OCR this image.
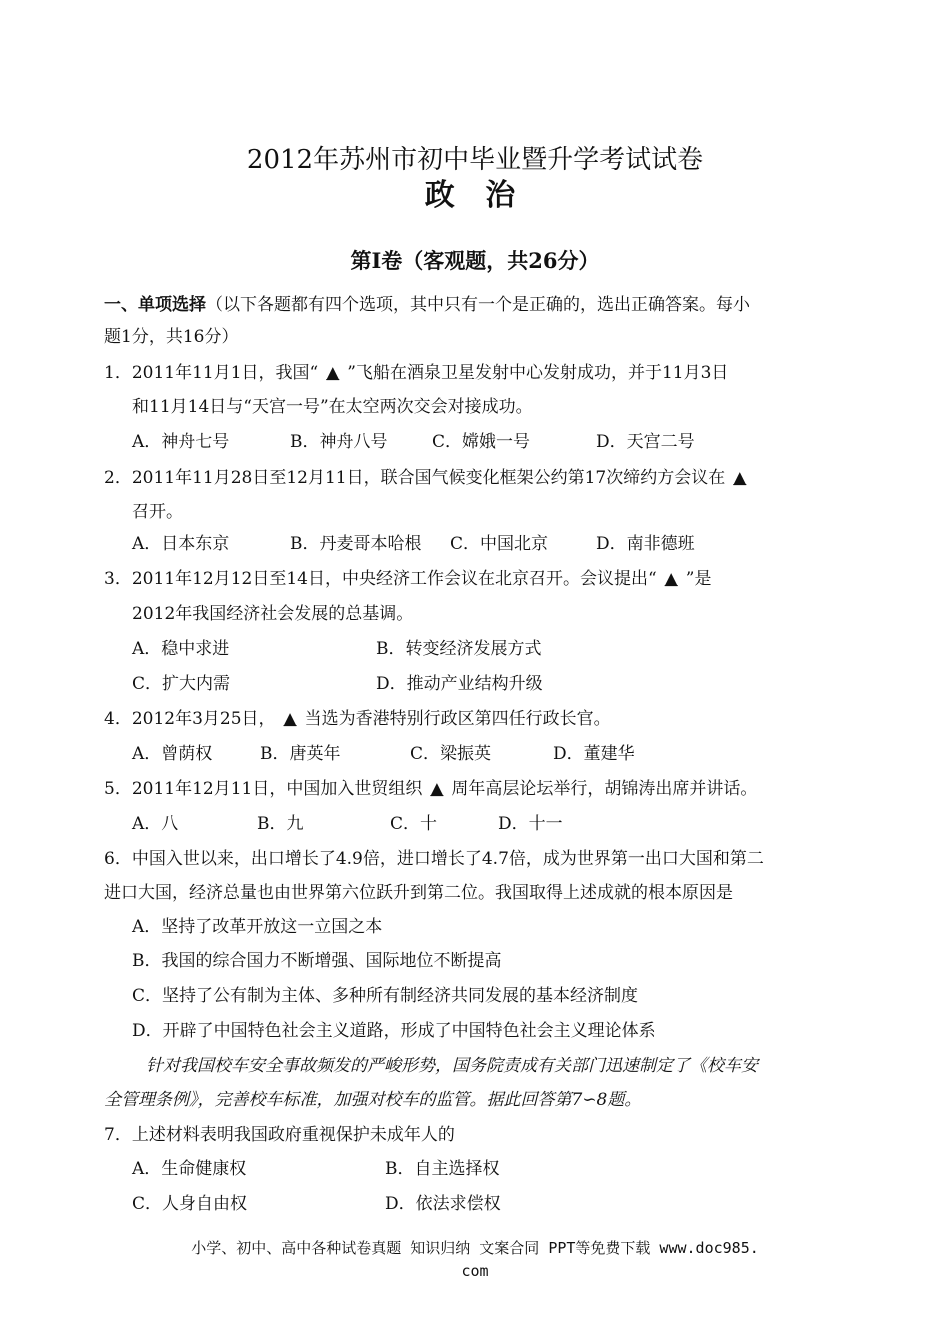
2012年苏州市初中毕业暨升学考试试卷
政 治
第I卷（客观题，共26分）
一、单项选择（以下各题都有四个选项，其中只有一个是正确的，选出正确答案。每小
题1分，共16分）
1．2011年11月1日，我国“ ▲ ”飞船在酒泉卫星发射中心发射成功，并于11月3日
和11月14日与“天宫一号”在太空两次交会对接成功。
A．神舟七号	B．神舟八号	C．嫦娥一号	D．天宫二号
2．2011年11月28日至12月11日，联合国气候变化框架公约第17次缔约方会议在 ▲
召开。
A．日本东京	B．丹麦哥本哈根 C．中国北京	D．南非德班
3．2011年12月12日至14日，中央经济工作会议在北京召开。会议提出“ ▲ ”是
2012年我国经济社会发展的总基调。
A．稳中求进	B．转变经济发展方式
C．扩大内需	D．推动产业结构升级
4．2012年3月25日， ▲ 当选为香港特别行政区第四任行政长官。
A．曾荫权	B．唐英年	C．梁振英	D．董建华
5．2011年12月11日，中国加入世贸组织 ▲ 周年高层论坛举行，胡锦涛出席并讲话。
A．八	B．九	C．十	D．十一
6．中国入世以来，出口增长了4.9倍，进口增长了4.7倍，成为世界第一出口大国和第二
进口大国，经济总量也由世界第六位跃升到第二位。我国取得上述成就的根本原因是
A．坚持了改革开放这一立国之本
B．我国的综合国力不断增强、国际地位不断提高
C．坚持了公有制为主体、多种所有制经济共同发展的基本经济制度
D．开辟了中国特色社会主义道路，形成了中国特色社会主义理论体系
针对我国校车安全事故频发的严峻形势，国务院责成有关部门迅速制定了《校车安
全管理条例》，完善校车标准，加强对校车的监管。据此回答第7∽8题。
7．上述材料表明我国政府重视保护未成年人的
A．生命健康权	B．自主选择权
C．人身自由权	D．依法求偿权
小学、初中、高中各种试卷真题 知识归纳 文案合同 PPT等免费下载 www.doc985.
com
